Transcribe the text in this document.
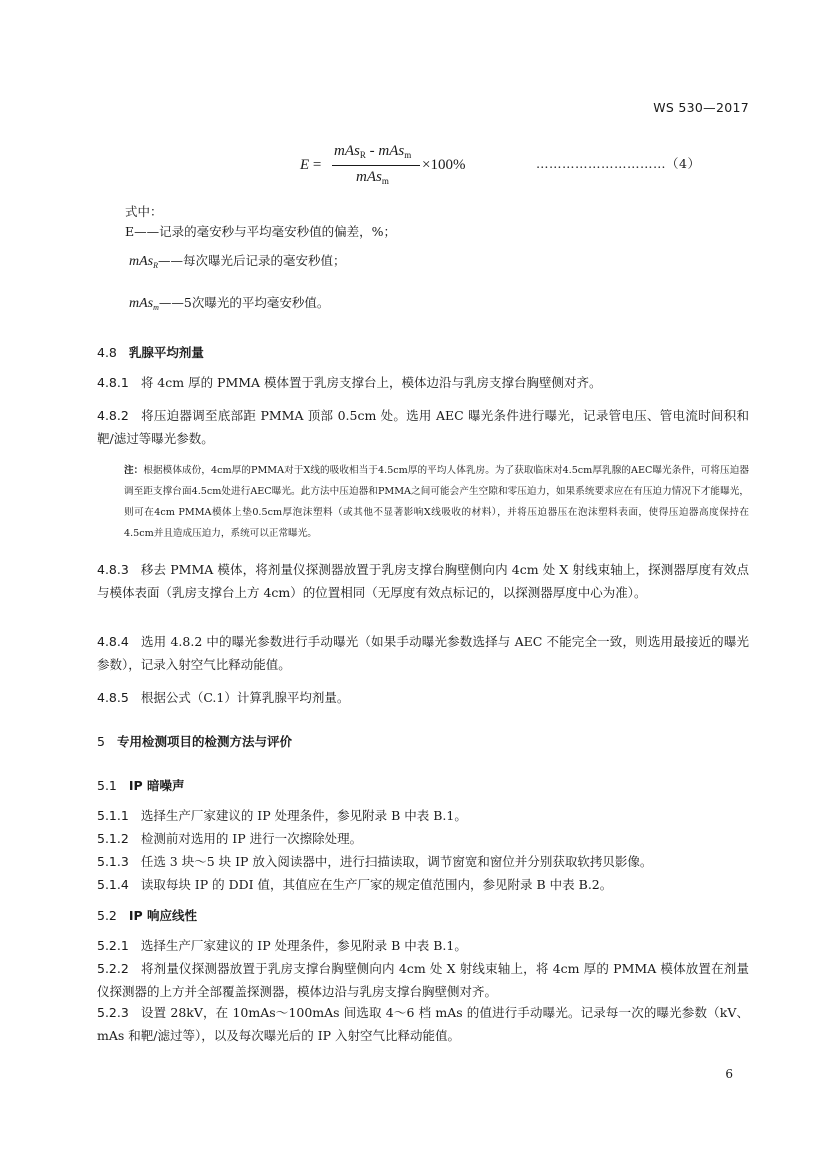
WS 530—2017
E =
mAs$_R$ - mAs$_m$
mAs$_m$
×100%	…………………………（4）
式中：
E——记录的毫安秒与平均毫安秒值的偏差，%；
mAs$_R$——每次曝光后记录的毫安秒值；
mAs$_m$——5次曝光的平均毫安秒值。
4.8 乳腺平均剂量
4.8.1 将 4cm 厚的 PMMA 模体置于乳房支撑台上，模体边沿与乳房支撑台胸壁侧对齐。
4.8.2 将压迫器调至底部距 PMMA 顶部 0.5cm 处。选用 AEC 曝光条件进行曝光，记录管电压、管电流时间积和靶/滤过等曝光参数。
注：根据模体成份，4cm厚的PMMA对于X线的吸收相当于4.5cm厚的平均人体乳房。为了获取临床对4.5cm厚乳腺的AEC曝光条件，可将压迫器调至距支撑台面4.5cm处进行AEC曝光。此方法中压迫器和PMMA之间可能会产生空隙和零压迫力，如果系统要求应在有压迫力情况下才能曝光，则可在4cm PMMA模体上垫0.5cm厚泡沫塑料（或其他不显著影响X线吸收的材料），并将压迫器压在泡沫塑料表面，使得压迫器高度保持在4.5cm并且造成压迫力，系统可以正常曝光。
4.8.3 移去 PMMA 模体，将剂量仪探测器放置于乳房支撑台胸壁侧向内 4cm 处 X 射线束轴上，探测器厚度有效点与模体表面（乳房支撑台上方 4cm）的位置相同（无厚度有效点标记的，以探测器厚度中心为准）。
4.8.4 选用 4.8.2 中的曝光参数进行手动曝光（如果手动曝光参数选择与 AEC 不能完全一致，则选用最接近的曝光参数），记录入射空气比释动能值。
4.8.5 根据公式（C.1）计算乳腺平均剂量。
5 专用检测项目的检测方法与评价
5.1 IP 暗噪声
5.1.1 选择生产厂家建议的 IP 处理条件，参见附录 B 中表 B.1。
5.1.2 检测前对选用的 IP 进行一次擦除处理。
5.1.3 任选 3 块～5 块 IP 放入阅读器中，进行扫描读取，调节窗宽和窗位并分别获取软拷贝影像。
5.1.4 读取每块 IP 的 DDI 值，其值应在生产厂家的规定值范围内，参见附录 B 中表 B.2。
5.2 IP 响应线性
5.2.1 选择生产厂家建议的 IP 处理条件，参见附录 B 中表 B.1。
5.2.2 将剂量仪探测器放置于乳房支撑台胸壁侧向内 4cm 处 X 射线束轴上，将 4cm 厚的 PMMA 模体放置在剂量仪探测器的上方并全部覆盖探测器，模体边沿与乳房支撑台胸壁侧对齐。
5.2.3 设置 28kV，在 10mAs～100mAs 间选取 4～6 档 mAs 的值进行手动曝光。记录每一次的曝光参数（kV、mAs 和靶/滤过等），以及每次曝光后的 IP 入射空气比释动能值。
6
